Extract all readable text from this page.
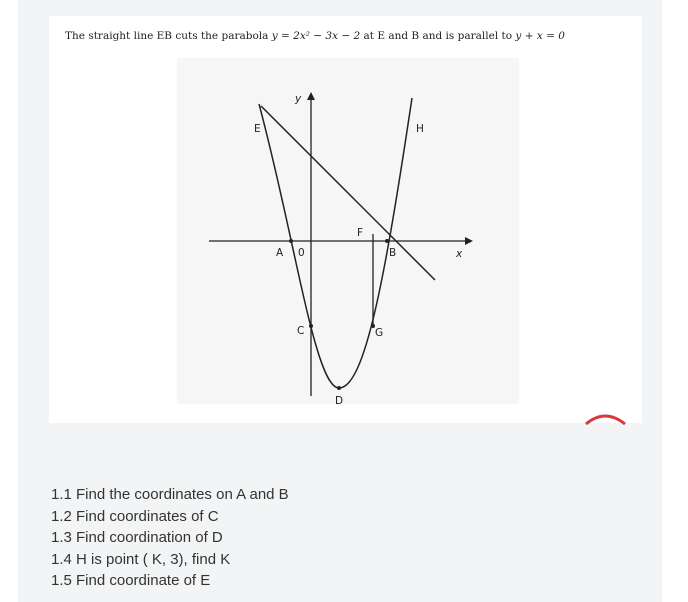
The straight line EB cuts the parabola y = 2x² − 3x − 2 at E and B and is parallel to y + x = 0
E	H
F
B
A 0
C	G
D
x
y
1.1 Find the coordinates on A and B
1.2 Find coordinates of C
1.3 Find coordination of D
1.4 H is point ( K, 3), find K
1.5 Find coordinate of E
